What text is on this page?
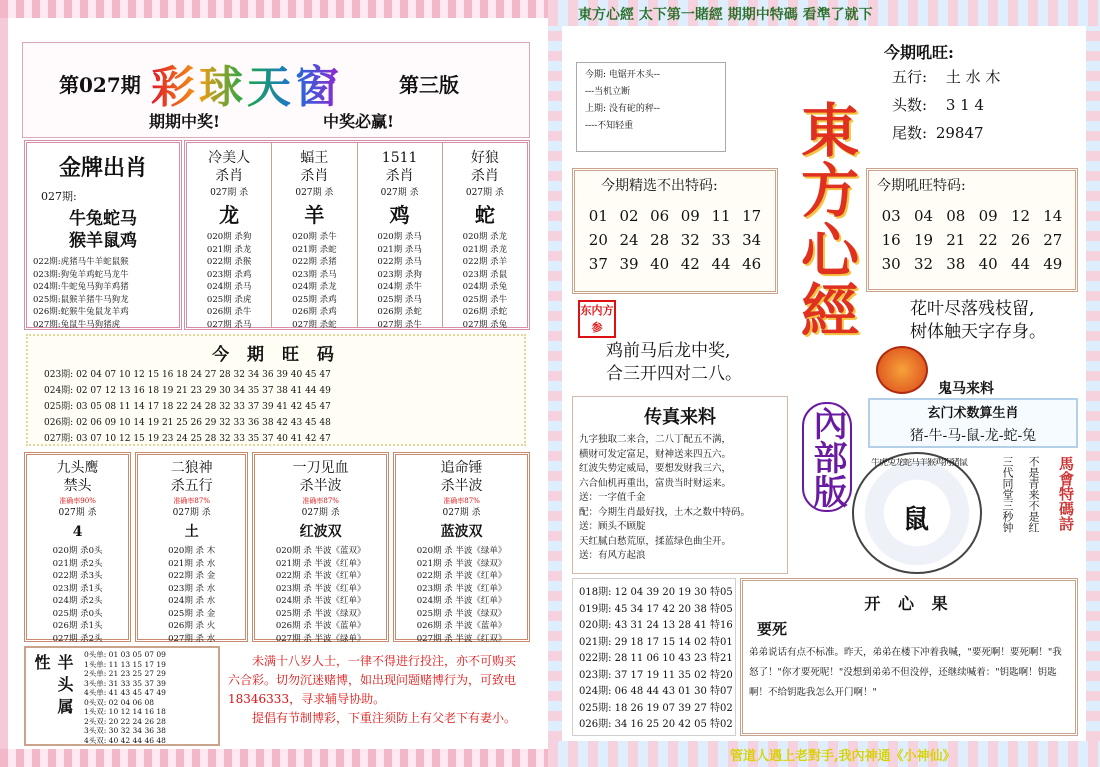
第027期 彩球天窗	第三版
期期中奖!	中奖必赢!
金牌出肖
027期:
牛兔蛇马
猴羊鼠鸡
022期:虎猪马牛羊蛇鼠猴
023期:狗兔羊鸡蛇马龙牛
024期:牛蛇兔马狗羊鸡猪
025期:鼠猴羊猪牛马狗龙
026期:蛇猴牛兔鼠龙羊鸡
027期:兔鼠牛马狗猪虎
冷美人
杀肖
027期 杀
龙
020期 杀狗
021期 杀龙
022期 杀猴
023期 杀鸡
024期 杀马
025期 杀虎
026期 杀牛
027期 杀马
蝠王
杀肖
027期 杀
羊
020期 杀牛
021期 杀蛇
022期 杀猪
023期 杀马
024期 杀龙
025期 杀鸡
026期 杀鸡
027期 杀蛇
1511
杀肖
027期 杀
鸡
020期 杀马
021期 杀马
022期 杀马
023期 杀狗
024期 杀牛
025期 杀马
026期 杀蛇
027期 杀牛
好狼
杀肖
027期 杀
蛇
020期 杀龙
021期 杀龙
022期 杀羊
023期 杀鼠
024期 杀兔
025期 杀牛
026期 杀蛇
027期 杀兔
今 期 旺 码
023期: 02 04 07 10 12 15 16 18 24 27 28 32 34 36 39 40 45 47
024期: 02 07 12 13 16 18 19 21 23 29 30 34 35 37 38 41 44 49
025期: 03 05 08 11 14 17 18 22 24 28 32 33 37 39 41 42 45 47
026期: 02 06 09 10 14 19 21 25 26 29 32 33 36 38 42 43 45 48
027期: 03 07 10 12 15 19 23 24 25 28 32 33 35 37 40 41 42 47
九头鹰
禁头
准确率90%
027期 杀
4
020期 杀0头
021期 杀2头
022期 杀3头
023期 杀1头
024期 杀2头
025期 杀0头
026期 杀1头
027期 杀2头
二狼神
杀五行
准确率87%
027期 杀
土
020期 杀 木
021期 杀 水
022期 杀 金
023期 杀 水
024期 杀 水
025期 杀 金
026期 杀 火
027期 杀 水
一刀见血
杀半波
准确率87%
027期 杀
红波双
020期 杀 半波《蓝双》
021期 杀 半波《红单》
022期 杀 半波《红单》
023期 杀 半波《红单》
024期 杀 半波《红单》
025期 杀 半波《绿双》
026期 杀 半波《蓝单》
027期 杀 半波《绿单》
追命锤
杀半波
准确率87%
027期 杀
蓝波双
020期 杀 半波《绿单》
021期 杀 半波《绿双》
022期 杀 半波《红单》
023期 杀 半波《红单》
024期 杀 半波《红单》
025期 杀 半波《绿双》
026期 杀 半波《蓝单》
027期 杀 半波《红双》
半头属性	0头单: 01 03 05 07 09
1头单: 11 13 15 17 19
2头单: 21 23 25 27 29
3头单: 31 33 35 37 39
4头单: 41 43 45 47 49
0头双: 02 04 06 08
1头双: 10 12 14 16 18
2头双: 20 22 24 26 28
3头双: 30 32 34 36 38
4头双: 40 42 44 46 48
未满十八岁人士，一律不得进行投注，亦不可购买六合彩。切勿沉迷赌博，如出现问题赌博行为，可致电18346333，寻求辅导协助。
提倡有节制博彩，下重注须防上有父老下有妻小。
東方心經 太下第一賭經 期期中特碼 看準了就下
管道人遇上老對手,我內神通《小神仙》
今期: 电锯开木头--
---当机立断
上期: 没有砣的秤--
----不知轻重
今期吼旺:
五行: 土 水 木
头数: 3 1 4
尾数: 29847
今期精选不出特码:
01 02 06 09 11 17
20 24 28 32 33 34
37 39 40 42 44 46
今期吼旺特码:
03 04 08 09 12 14
16 19 21 22 26 27
30 32 38 40 44 49
東方心經
內部版
东内方参
鸡前马后龙中奖,
合三开四对二八。
花叶尽落残枝留,
树体触天字存身。
鬼马来料
玄门术数算生肖
猪-牛-马-鼠-龙-蛇-兔
传真来料
九字独取二来合，二八丁配五不满，
横财可发定富足，财神送来四五六。
红波失势定威局，要想发财我三六，
六合仙机再重出，富贵当时财运来。
送：一字值千金
配：今期生肖最好找，土木之数中特码。
送：顾头不顾腚
天红腻白愁荒原，揉蓝绿色曲尘开。
送：有风方起浪
鼠
牛虎兔龙蛇马羊猴鸡狗猪鼠	三代同堂三秒钟	不是青来不是红	馬會特碼詩
018期: 12 04 39 20 19 30 特05
019期: 45 34 17 42 20 38 特05
020期: 43 31 24 13 28 41 特16
021期: 29 18 17 15 14 02 特01
022期: 28 11 06 10 43 23 特21
023期: 37 17 19 11 35 02 特20
024期: 06 48 44 43 01 30 特07
025期: 18 26 19 07 39 27 特02
026期: 34 16 25 20 42 05 特02
开 心 果
要死
弟弟说话有点不标准。昨天，弟弟在楼下冲着我喊，"要死啊！要死啊！"我怒了！"你才要死呢！"没想到弟弟不但没停，还继续喊着："钥匙啊！钥匙啊！不给钥匙我怎么开门啊！"
